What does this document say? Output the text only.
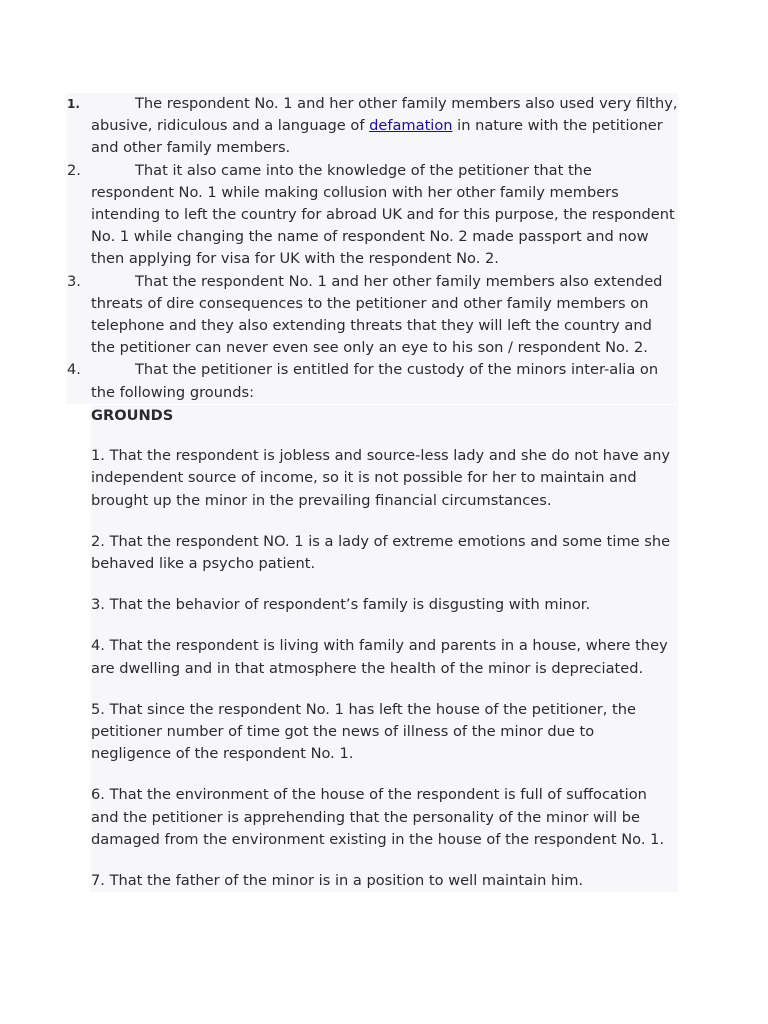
1.	The respondent No. 1 and her other family members also used very filthy, abusive, ridiculous and a language of defamation in nature with the petitioner and other family members.
2.	That it also came into the knowledge of the petitioner that the respondent No. 1 while making collusion with her other family members intending to left the country for abroad UK and for this purpose, the respondent No. 1 while changing the name of respondent No. 2 made passport and now then applying for visa for UK with the respondent No. 2.
3.	That the respondent No. 1 and her other family members also extended threats of dire consequences to the petitioner and other family members on telephone and they also extending threats that they will left the country and the petitioner can never even see only an eye to his son / respondent No. 2.
4.	That the petitioner is entitled for the custody of the minors inter-alia on the following grounds:
GROUNDS
1. That the respondent is jobless and source-less lady and she do not have any independent source of income, so it is not possible for her to maintain and brought up the minor in the prevailing financial circumstances.
2. That the respondent NO. 1 is a lady of extreme emotions and some time she behaved like a psycho patient.
3. That the behavior of respondent’s family is disgusting with minor.
4. That the respondent is living with family and parents in a house, where they are dwelling and in that atmosphere the health of the minor is depreciated.
5. That since the respondent No. 1 has left the house of the petitioner, the petitioner number of time got the news of illness of the minor due to negligence of the respondent No. 1.
6. That the environment of the house of the respondent is full of suffocation and the petitioner is apprehending that the personality of the minor will be damaged from the environment existing in the house of the respondent No. 1.
7. That the father of the minor is in a position to well maintain him.
